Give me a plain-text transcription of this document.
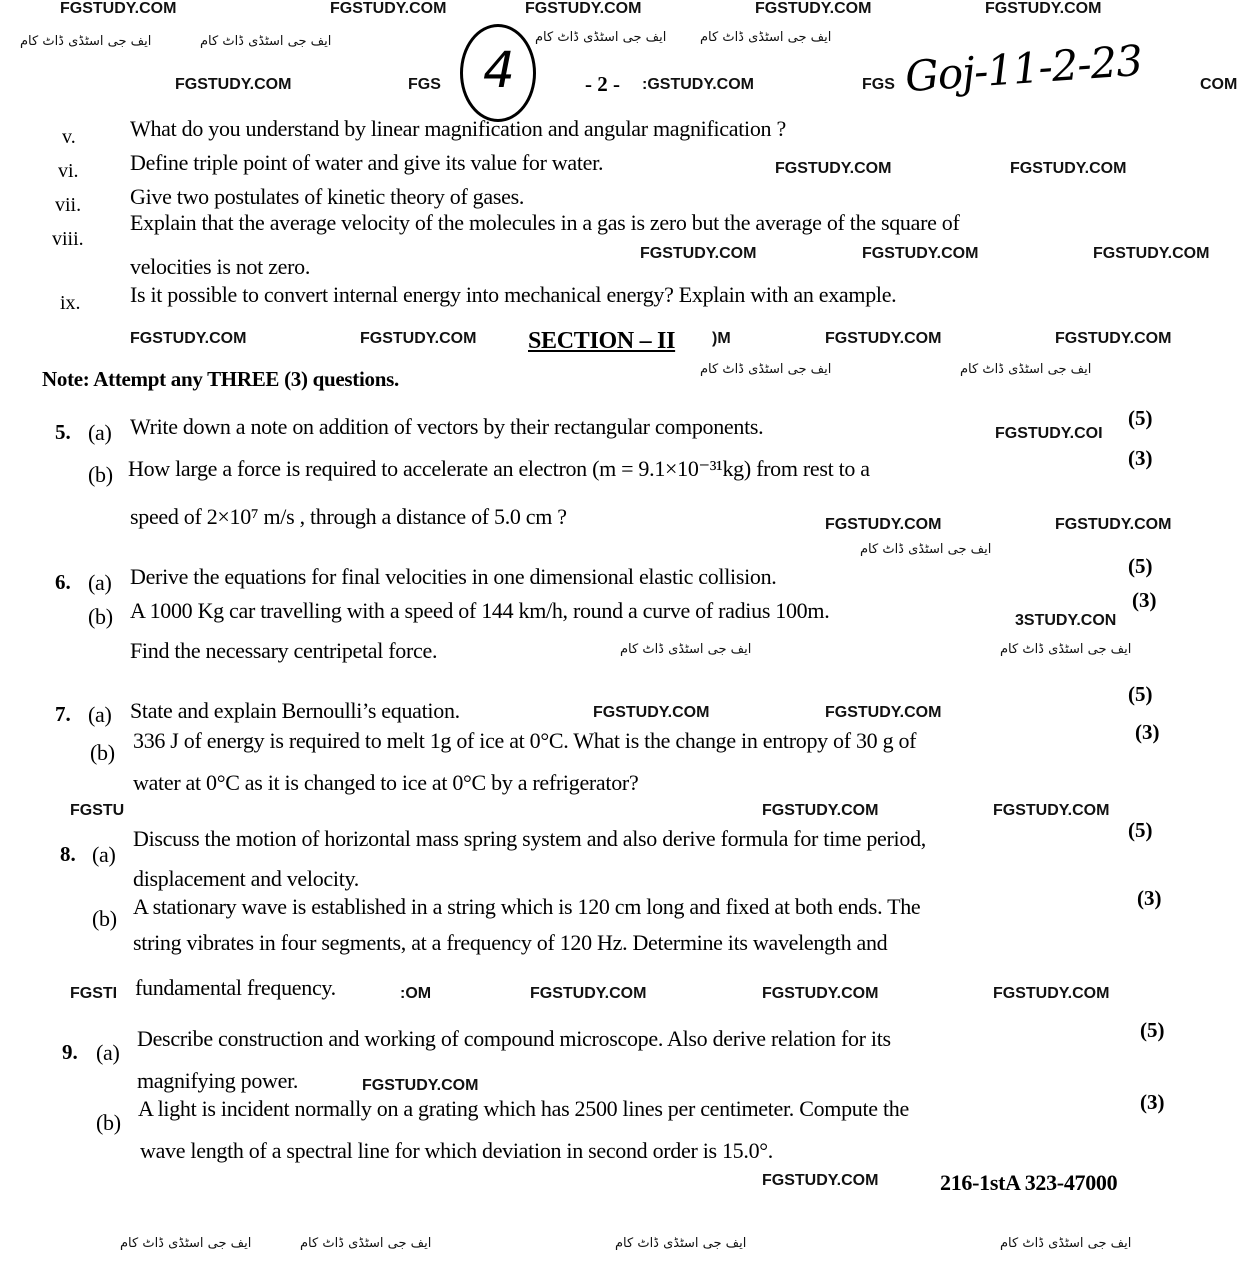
FGSTUDY.COM	FGSTUDY.COM	FGSTUDY.COM	FGSTUDY.COM	FGSTUDY.COM
ایف جی اسٹڈی ڈاٹ کام	ایف جی اسٹڈی ڈاٹ کام	ایف جی اسٹڈی ڈاٹ کام	ایف جی اسٹڈی ڈاٹ کام
FGSTUDY.COM	FGS	- 2 - :GSTUDY.COM	FGS	COM
4	Goj-11-2-23
v. What do you understand by linear magnification and angular magnification ?
vi. Define triple point of water and give its value for water.	FGSTUDY.COM	FGSTUDY.COM
vii. Give two postulates of kinetic theory of gases.
viii.
Explain that the average velocity of the molecules in a gas is zero but the average of the square of
velocities is not zero.
FGSTUDY.COM	FGSTUDY.COM	FGSTUDY.COM
ix. Is it possible to convert internal energy into mechanical energy? Explain with an example.
FGSTUDY.COM	FGSTUDY.COM SECTION – II )M	FGSTUDY.COM	FGSTUDY.COM
Note: Attempt any THREE (3) questions.	ایف جی اسٹڈی ڈاٹ کام	ایف جی اسٹڈی ڈاٹ کام
5. (a) Write down a note on addition of vectors by their rectangular components.	FGSTUDY.COI
(5)
(b) How large a force is required to accelerate an electron (m = 9.1×10⁻³¹kg) from rest to a	(3)
speed of 2×10⁷ m/s , through a distance of 5.0 cm ?	FGSTUDY.COM	FGSTUDY.COM
ایف جی اسٹڈی ڈاٹ کام
6. (a) Derive the equations for final velocities in one dimensional elastic collision.	(5)
(b) A 1000 Kg car travelling with a speed of 144 km/h, round a curve of radius 100m.	3STUDY.CON
(3)
Find the necessary centripetal force.	ایف جی اسٹڈی ڈاٹ کام	ایف جی اسٹڈی ڈاٹ کام
7. (a) State and explain Bernoulli’s equation.	FGSTUDY.COM	FGSTUDY.COM
(5)
(b) 336 J of energy is required to melt 1g of ice at 0°C. What is the change in entropy of 30 g of	(3)
water at 0°C as it is changed to ice at 0°C by a refrigerator?
FGSTU	FGSTUDY.COM	FGSTUDY.COM
8. (a)
Discuss the motion of horizontal mass spring system and also derive formula for time period,	(5)
displacement and velocity.
(b) A stationary wave is established in a string which is 120 cm long and fixed at both ends. The	(3)
string vibrates in four segments, at a frequency of 120 Hz. Determine its wavelength and
FGSTI fundamental frequency.	:OM	FGSTUDY.COM	FGSTUDY.COM	FGSTUDY.COM
9. (a)
Describe construction and working of compound microscope. Also derive relation for its	(5)
magnifying power.	FGSTUDY.COM
(b)
A light is incident normally on a grating which has 2500 lines per centimeter. Compute the	(3)
wave length of a spectral line for which deviation in second order is 15.0°.
FGSTUDY.COM	216-1stA 323-47000
ایف جی اسٹڈی ڈاٹ کام	ایف جی اسٹڈی ڈاٹ کام	ایف جی اسٹڈی ڈاٹ کام	ایف جی اسٹڈی ڈاٹ کام
